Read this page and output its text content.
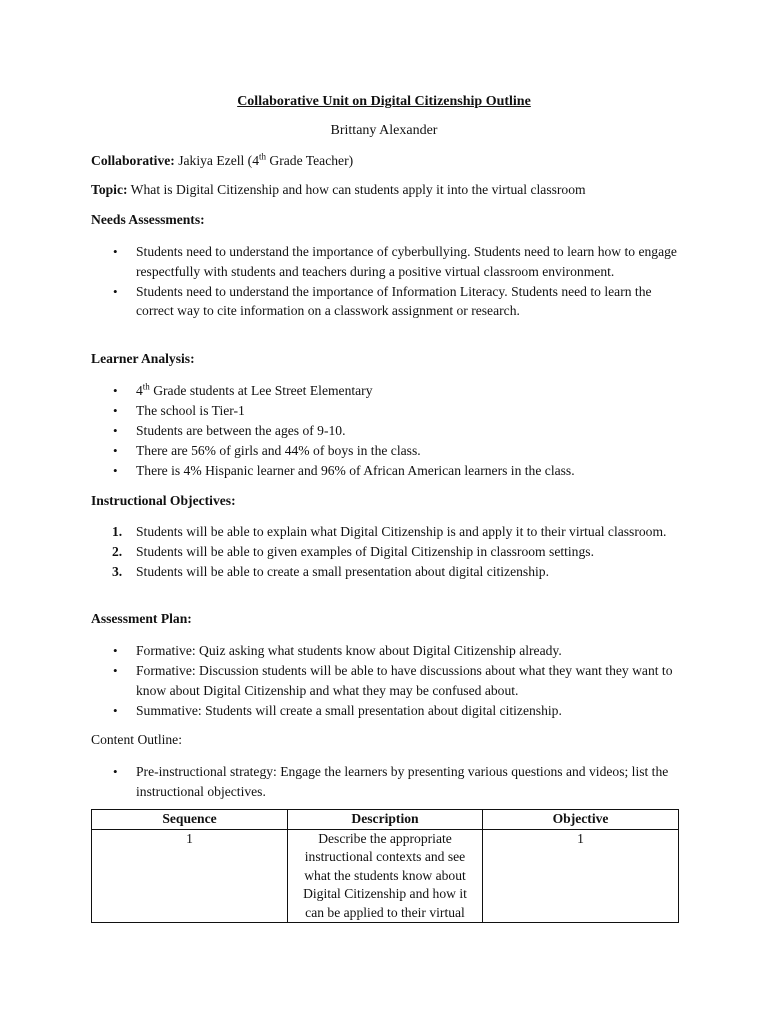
Collaborative Unit on Digital Citizenship Outline
Brittany Alexander
Collaborative: Jakiya Ezell (4th Grade Teacher)
Topic: What is Digital Citizenship and how can students apply it into the virtual classroom
Needs Assessments:
• Students need to understand the importance of cyberbullying. Students need to learn how to engage respectfully with students and teachers during a positive virtual classroom environment.
• Students need to understand the importance of Information Literacy. Students need to learn the correct way to cite information on a classwork assignment or research.
Learner Analysis:
• 4th Grade students at Lee Street Elementary
• The school is Tier-1
• Students are between the ages of 9-10.
• There are 56% of girls and 44% of boys in the class.
• There is 4% Hispanic learner and 96% of African American learners in the class.
Instructional Objectives:
1. Students will be able to explain what Digital Citizenship is and apply it to their virtual classroom.
2. Students will be able to given examples of Digital Citizenship in classroom settings.
3. Students will be able to create a small presentation about digital citizenship.
Assessment Plan:
• Formative: Quiz asking what students know about Digital Citizenship already.
• Formative: Discussion students will be able to have discussions about what they want they want to know about Digital Citizenship and what they may be confused about.
• Summative: Students will create a small presentation about digital citizenship.
Content Outline:
• Pre-instructional strategy: Engage the learners by presenting various questions and videos; list the instructional objectives.
Sequence	Description	Objective
1	Describe the appropriate instructional contexts and see what the students know about Digital Citizenship and how it can be applied to their virtual	1
